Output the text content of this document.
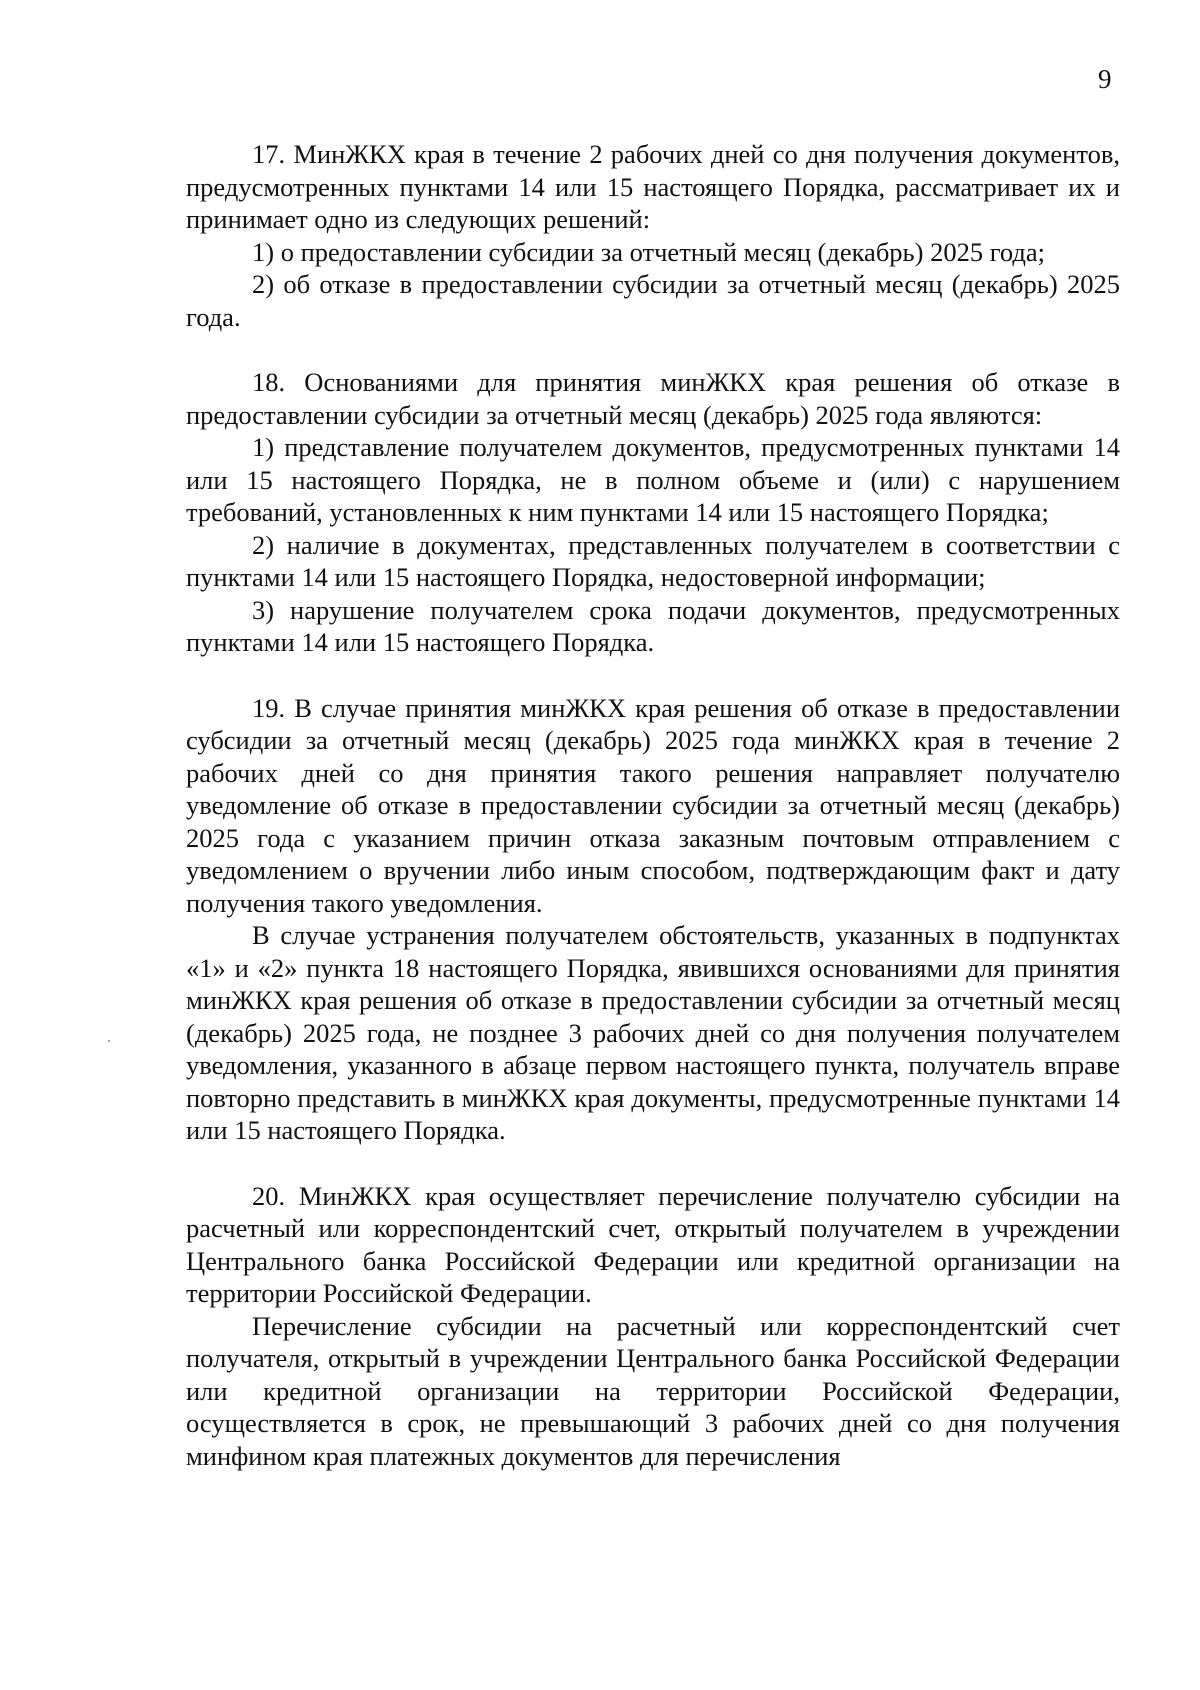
9

17. МинЖКХ края в течение 2 рабочих дней со дня получения документов, предусмотренных пунктами 14 или 15 настоящего Порядка, рассматривает их и принимает одно из следующих решений:

1) о предоставлении субсидии за отчетный месяц (декабрь) 2025 года;

2) об отказе в предоставлении субсидии за отчетный месяц (декабрь) 2025 года.

18. Основаниями для принятия минЖКХ края решения об отказе в предоставлении субсидии за отчетный месяц (декабрь) 2025 года являются:

1) представление получателем документов, предусмотренных пунктами 14 или 15 настоящего Порядка, не в полном объеме и (или) с нарушением требований, установленных к ним пунктами 14 или 15 настоящего Порядка;

2) наличие в документах, представленных получателем в соответствии с пунктами 14 или 15 настоящего Порядка, недостоверной информации;

3) нарушение получателем срока подачи документов, предусмотренных пунктами 14 или 15 настоящего Порядка.

19. В случае принятия минЖКХ края решения об отказе в предоставлении субсидии за отчетный месяц (декабрь) 2025 года минЖКХ края в течение 2 рабочих дней со дня принятия такого решения направляет получателю уведомление об отказе в предоставлении субсидии за отчетный месяц (декабрь) 2025 года с указанием причин отказа заказным почтовым отправлением с уведомлением о вручении либо иным способом, подтверждающим факт и дату получения такого уведомления.

В случае устранения получателем обстоятельств, указанных в подпунктах «1» и «2» пункта 18 настоящего Порядка, явившихся основаниями для принятия минЖКХ края решения об отказе в предоставлении субсидии за отчетный месяц (декабрь) 2025 года, не позднее 3 рабочих дней со дня получения получателем уведомления, указанного в абзаце первом настоящего пункта, получатель вправе повторно представить в минЖКХ края документы, предусмотренные пунктами 14 или 15 настоящего Порядка.

20. МинЖКХ края осуществляет перечисление получателю субсидии на расчетный или корреспондентский счет, открытый получателем в учреждении Центрального банка Российской Федерации или кредитной организации на территории Российской Федерации.

Перечисление субсидии на расчетный или корреспондентский счет получателя, открытый в учреждении Центрального банка Российской Федерации или кредитной организации на территории Российской Федерации, осуществляется в срок, не превышающий 3 рабочих дней со дня получения минфином края платежных документов для перечисления
